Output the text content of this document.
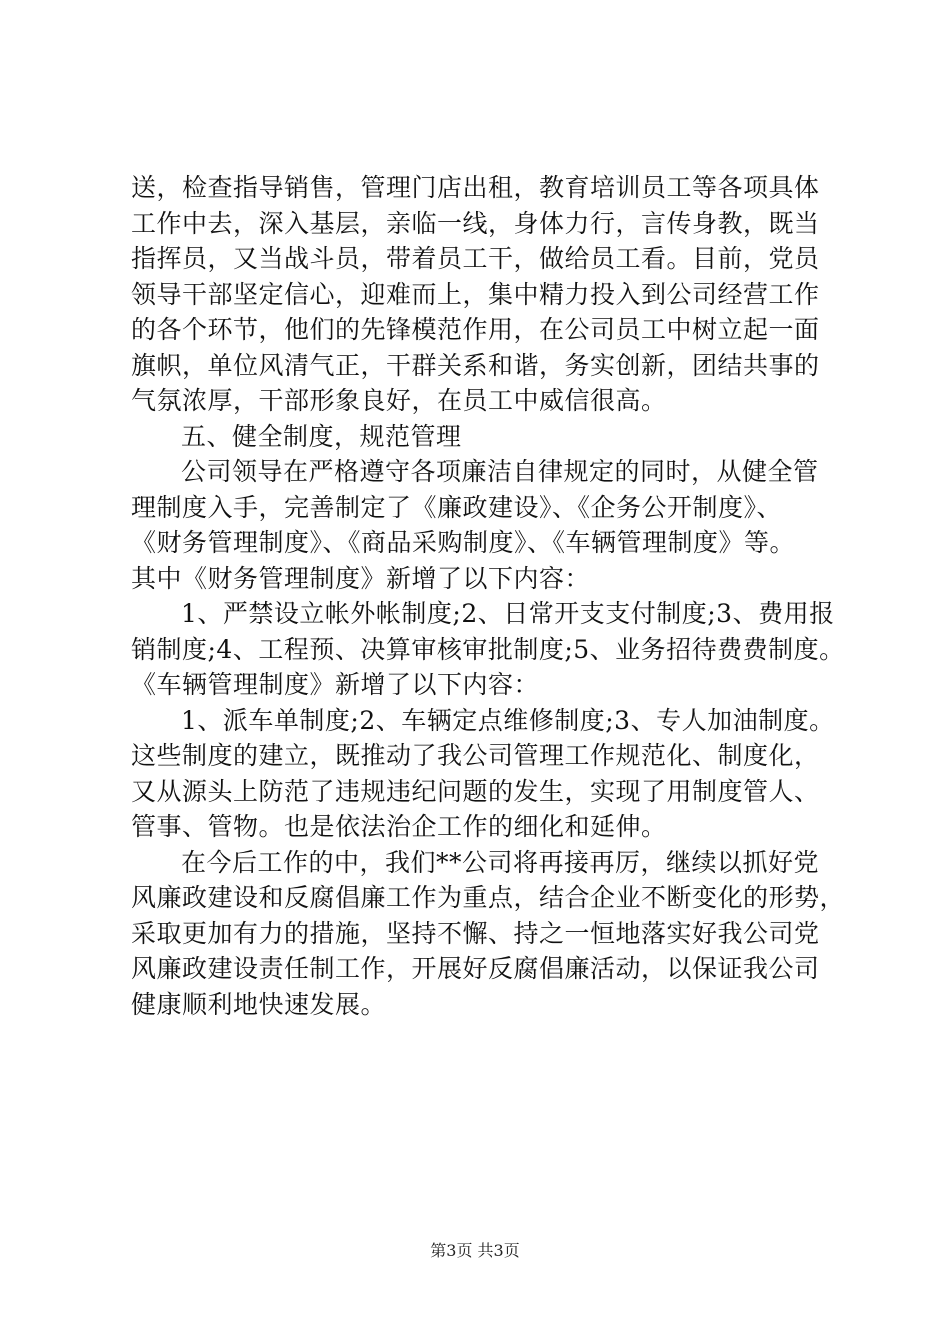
送，检查指导销售，管理门店出租，教育培训员工等各项具体
工作中去，深入基层，亲临一线，身体力行，言传身教，既当
指挥员，又当战斗员，带着员工干，做给员工看。目前，党员
领导干部坚定信心，迎难而上，集中精力投入到公司经营工作
的各个环节，他们的先锋模范作用，在公司员工中树立起一面
旗帜，单位风清气正，干群关系和谐，务实创新，团结共事的
气氛浓厚，干部形象良好，在员工中威信很高。
五、健全制度，规范管理
公司领导在严格遵守各项廉洁自律规定的同时，从健全管
理制度入手，完善制定了《廉政建设》、《企务公开制度》、
《财务管理制度》、《商品采购制度》、《车辆管理制度》等。
其中《财务管理制度》新增了以下内容：
1、严禁设立帐外帐制度;2、日常开支支付制度;3、费用报
销制度;4、工程预、决算审核审批制度;5、业务招待费费制度。
《车辆管理制度》新增了以下内容：
1、派车单制度;2、车辆定点维修制度;3、专人加油制度。
这些制度的建立，既推动了我公司管理工作规范化、制度化，
又从源头上防范了违规违纪问题的发生，实现了用制度管人、
管事、管物。也是依法治企工作的细化和延伸。
在今后工作的中，我们**公司将再接再厉，继续以抓好党
风廉政建设和反腐倡廉工作为重点，结合企业不断变化的形势，
采取更加有力的措施，坚持不懈、持之一恒地落实好我公司党
风廉政建设责任制工作，开展好反腐倡廉活动，以保证我公司
健康顺利地快速发展。
第3页 共3页
